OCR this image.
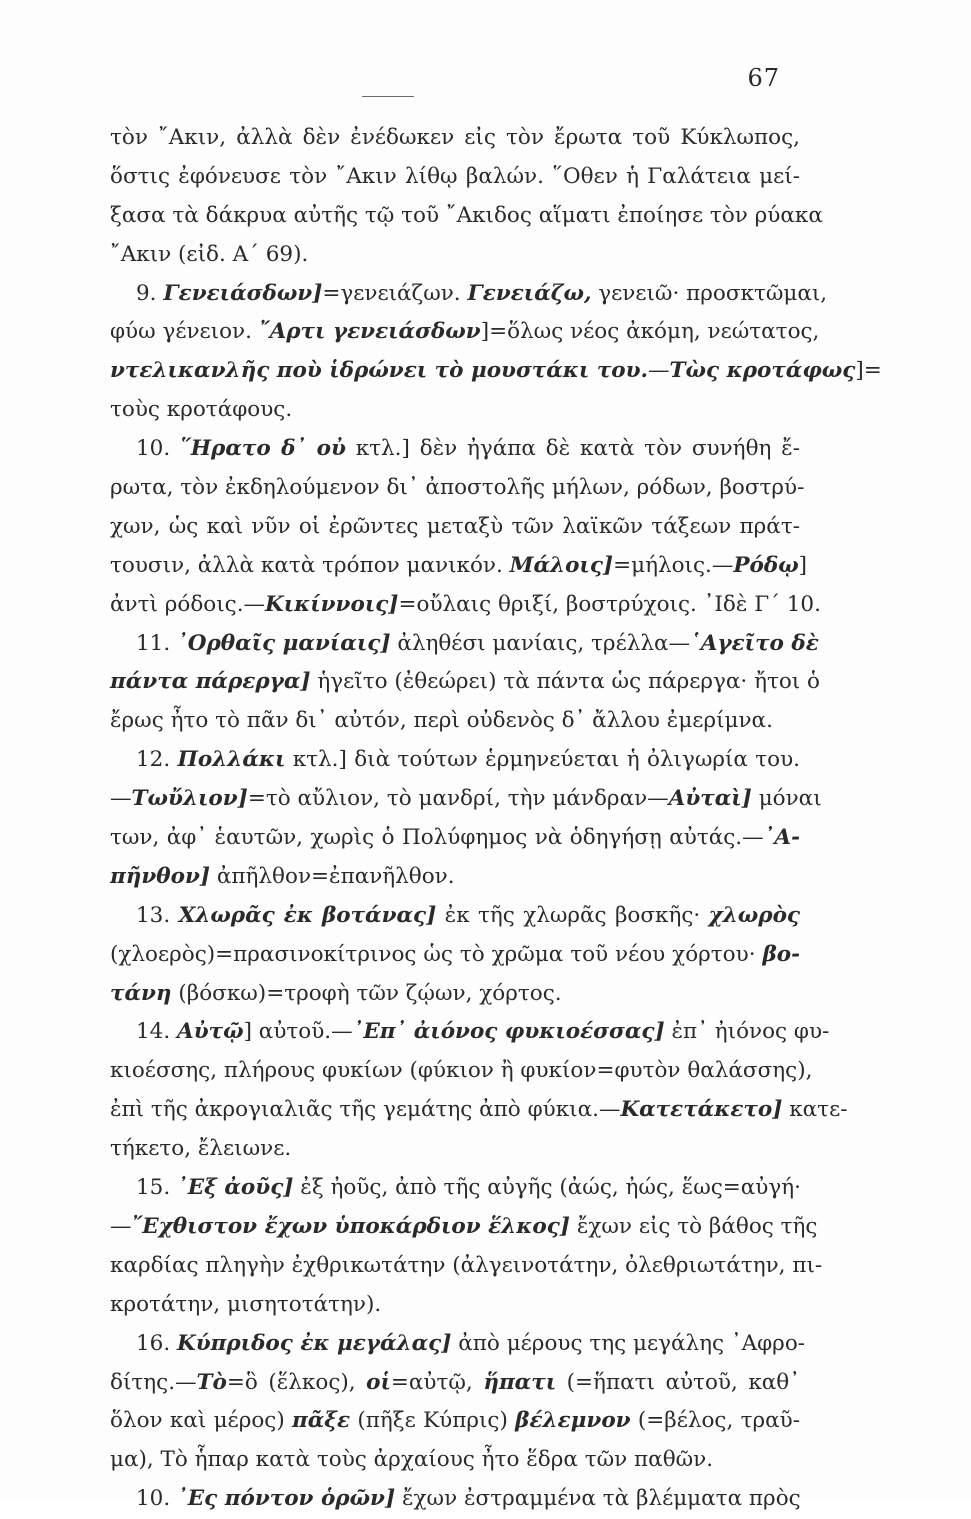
67
τὸν ῎Ακιν, ἀλλὰ δὲν ἐνέδωκεν εἰς τὸν ἔρωτα τοῦ Κύκλωπος,
ὅστις ἐφόνευσε τὸν ῎Ακιν λίθῳ βαλών. ῞Οθεν ἡ Γαλάτεια μεί-
ξασα τὰ δάκρυα αὐτῆς τῷ τοῦ ῎Ακιδος αἵματι ἐποίησε τὸν ρύακα
῎Ακιν (εἰδ. Α΄ 69).
9. Γενειάσδων]=γενειάζων. Γενειάζω, γενειῶ· προσκτῶμαι,
φύω γένειον. ῎Αρτι γενειάσδων]=ὅλως νέος ἀκόμη, νεώτατος,
ντελικανλῆς ποὺ ἱδρώνει τὸ μουστάκι του.—Τὼς κροτάφως]=
τοὺς κροτάφους.
10. ῞Ηρατο δ᾽ οὐ κτλ.] δὲν ἠγάπα δὲ κατὰ τὸν συνήθη ἔ-
ρωτα, τὸν ἐκδηλούμενον δι᾽ ἀποστολῆς μήλων, ρόδων, βοστρύ-
χων, ὡς καὶ νῦν οἱ ἐρῶντες μεταξὺ τῶν λαϊκῶν τάξεων πράτ-
τουσιν, ἀλλὰ κατὰ τρόπον μανικόν. Μάλοις]=μήλοις.—Ρόδῳ]
ἀντὶ ρόδοις.—Κικίννοις]=οὔλαις θριξί, βοστρύχοις. ᾿Ιδὲ Γ΄ 10.
11. ᾿Ορθαῖς μανίαις] ἀληθέσι μανίαις, τρέλλα—῾Αγεῖτο δὲ
πάντα πάρεργα] ἡγεῖτο (ἐθεώρει) τὰ πάντα ὡς πάρεργα· ἤτοι ὁ
ἔρως ἦτο τὸ πᾶν δι᾽ αὐτόν, περὶ οὐδενὸς δ᾽ ἄλλου ἐμερίμνα.
12. Πολλάκι κτλ.] διὰ τούτων ἑρμηνεύεται ἡ ὀλιγωρία του.
—Τωὔλιον]=τὸ αὔλιον, τὸ μανδρί, τὴν μάνδραν—Αὐταὶ] μόναι
των, ἀφ᾽ ἑαυτῶν, χωρὶς ὁ Πολύφημος νὰ ὁδηγήσῃ αὐτάς.—᾿Α-
πῆνθον] ἀπῆλθον=ἐπανῆλθον.
13. Χλωρᾶς ἐκ βοτάνας] ἐκ τῆς χλωρᾶς βοσκῆς· χλωρὸς
(χλοερὸς)=πρασινοκίτρινος ὡς τὸ χρῶμα τοῦ νέου χόρτου· βο-
τάνη (βόσκω)=τροφὴ τῶν ζῴων, χόρτος.
14. Αὐτῷ] αὐτοῦ.—᾿Επ᾽ ἀιόνος φυκιοέσσας] ἐπ᾽ ἠιόνος φυ-
κιοέσσης, πλήρους φυκίων (φύκιον ἢ φυκίον=φυτὸν θαλάσσης),
ἐπὶ τῆς ἀκρογιαλιᾶς τῆς γεμάτης ἀπὸ φύκια.—Κατετάκετο] κατε-
τήκετο, ἔλειωνε.
15. ᾿Εξ ἀοῦς] ἐξ ἠοῦς, ἀπὸ τῆς αὐγῆς (ἀώς, ἠώς, ἕως=αὐγή·
—῎Εχθιστον ἔχων ὑποκάρδιον ἕλκος] ἔχων εἰς τὸ βάθος τῆς
καρδίας πληγὴν ἐχθρικωτάτην (ἀλγεινοτάτην, ὀλεθριωτάτην, πι-
κροτάτην, μισητοτάτην).
16. Κύπριδος ἐκ μεγάλας] ἀπὸ μέρους της μεγάλης ᾿Αφρο-
δίτης.—Τὸ=ὃ (ἕλκος), οἱ=αὐτῷ, ἥπατι (=ἥπατι αὐτοῦ, καθ᾽
ὅλον καὶ μέρος) πᾶξε (πῆξε Κύπρις) βέλεμνον (=βέλος, τραῦ-
μα), Τὸ ἧπαρ κατὰ τοὺς ἀρχαίους ἦτο ἕδρα τῶν παθῶν.
10. ᾿Ες πόντον ὁρῶν] ἔχων ἐστραμμένα τὰ βλέμματα πρὸς
